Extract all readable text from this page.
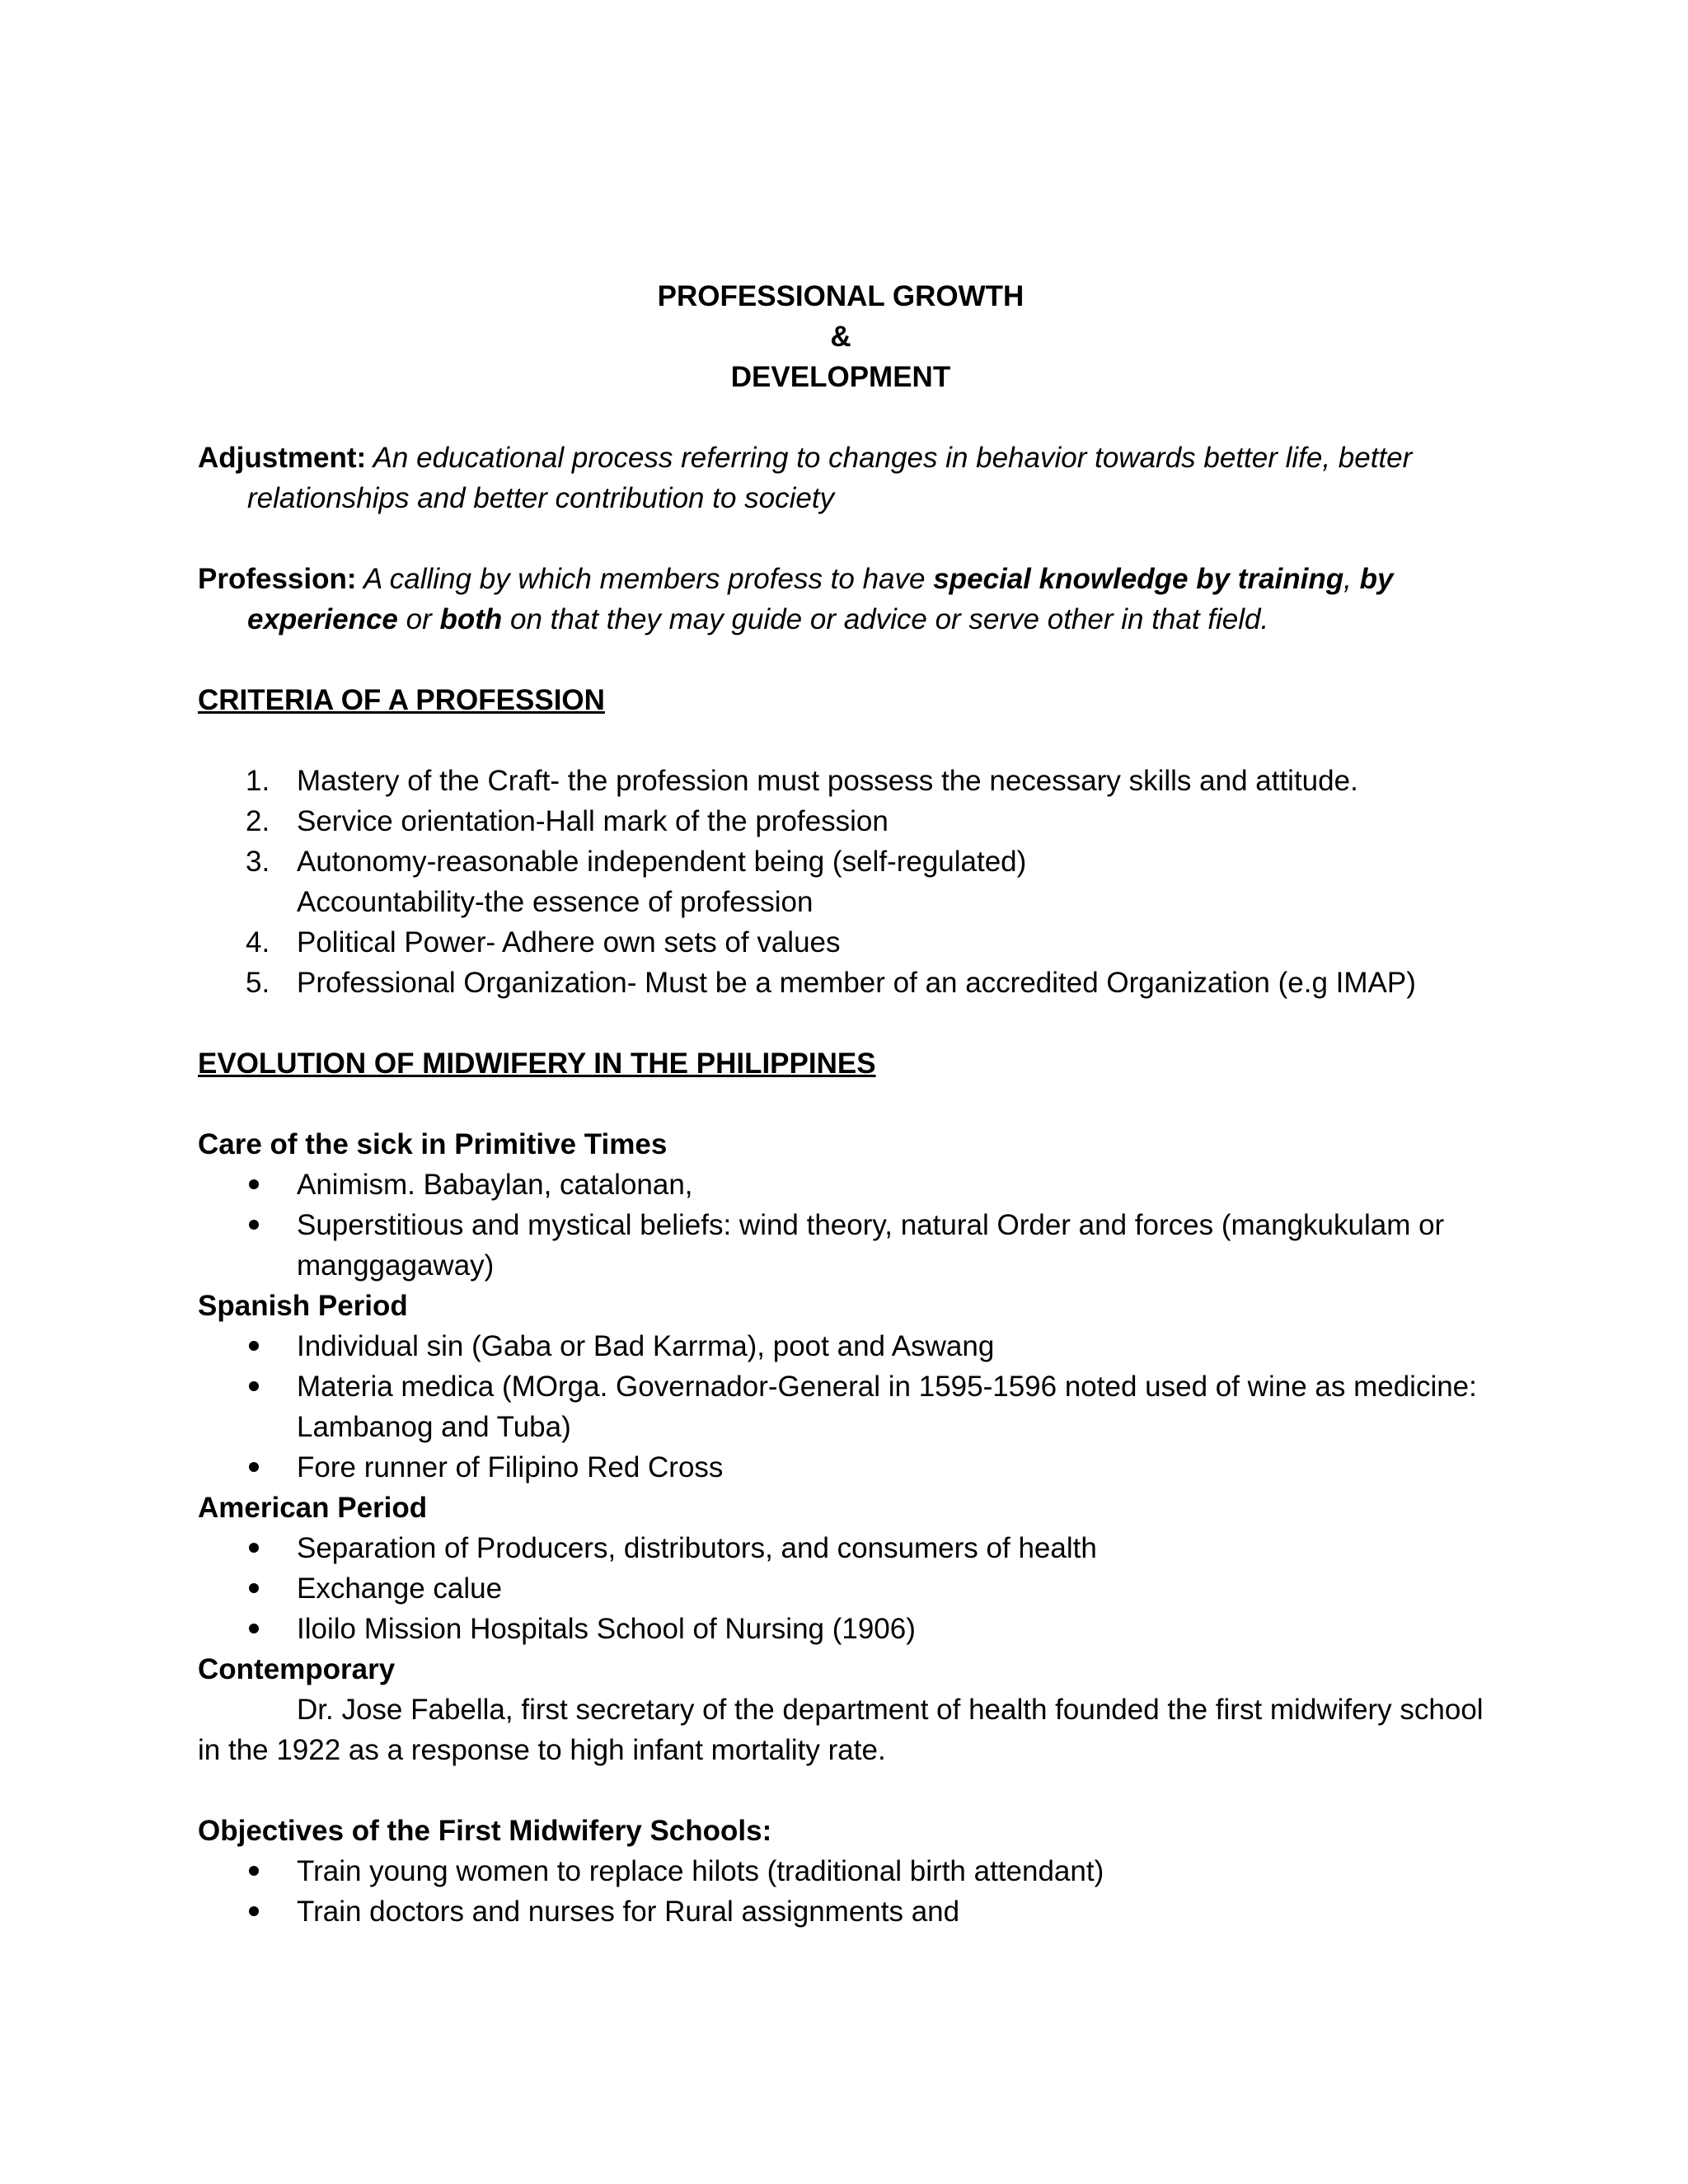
PROFESSIONAL GROWTH
&
DEVELOPMENT

Adjustment: An educational process referring to changes in behavior towards better life, better relationships and better contribution to society

Profession: A calling by which members profess to have special knowledge by training, by experience or both on that they may guide or advice or serve other in that field.

CRITERIA OF A PROFESSION

1. Mastery of the Craft- the profession must possess the necessary skills and attitude.
2. Service orientation-Hall mark of the profession
3. Autonomy-reasonable independent being (self-regulated)
Accountability-the essence of profession
4. Political Power- Adhere own sets of values
5. Professional Organization- Must be a member of an accredited Organization (e.g IMAP)

EVOLUTION OF MIDWIFERY IN THE PHILIPPINES

Care of the sick in Primitive Times

Animism. Babaylan, catalonan,
Superstitious and mystical beliefs: wind theory, natural Order and forces (mangkukulam or manggagaway)

Spanish Period

Individual sin (Gaba or Bad Karrma), poot and Aswang
Materia medica (MOrga. Governador-General in 1595-1596 noted used of wine as medicine: Lambanog and Tuba)
Fore runner of Filipino Red Cross

American Period

Separation of Producers, distributors, and consumers of health
Exchange calue
Iloilo Mission Hospitals School of Nursing (1906)

Contemporary

Dr. Jose Fabella, first secretary of the department of health founded the first midwifery school in the 1922 as a response to high infant mortality rate.

Objectives of the First Midwifery Schools:

Train young women to replace hilots (traditional birth attendant)
Train doctors and nurses for Rural assignments and
